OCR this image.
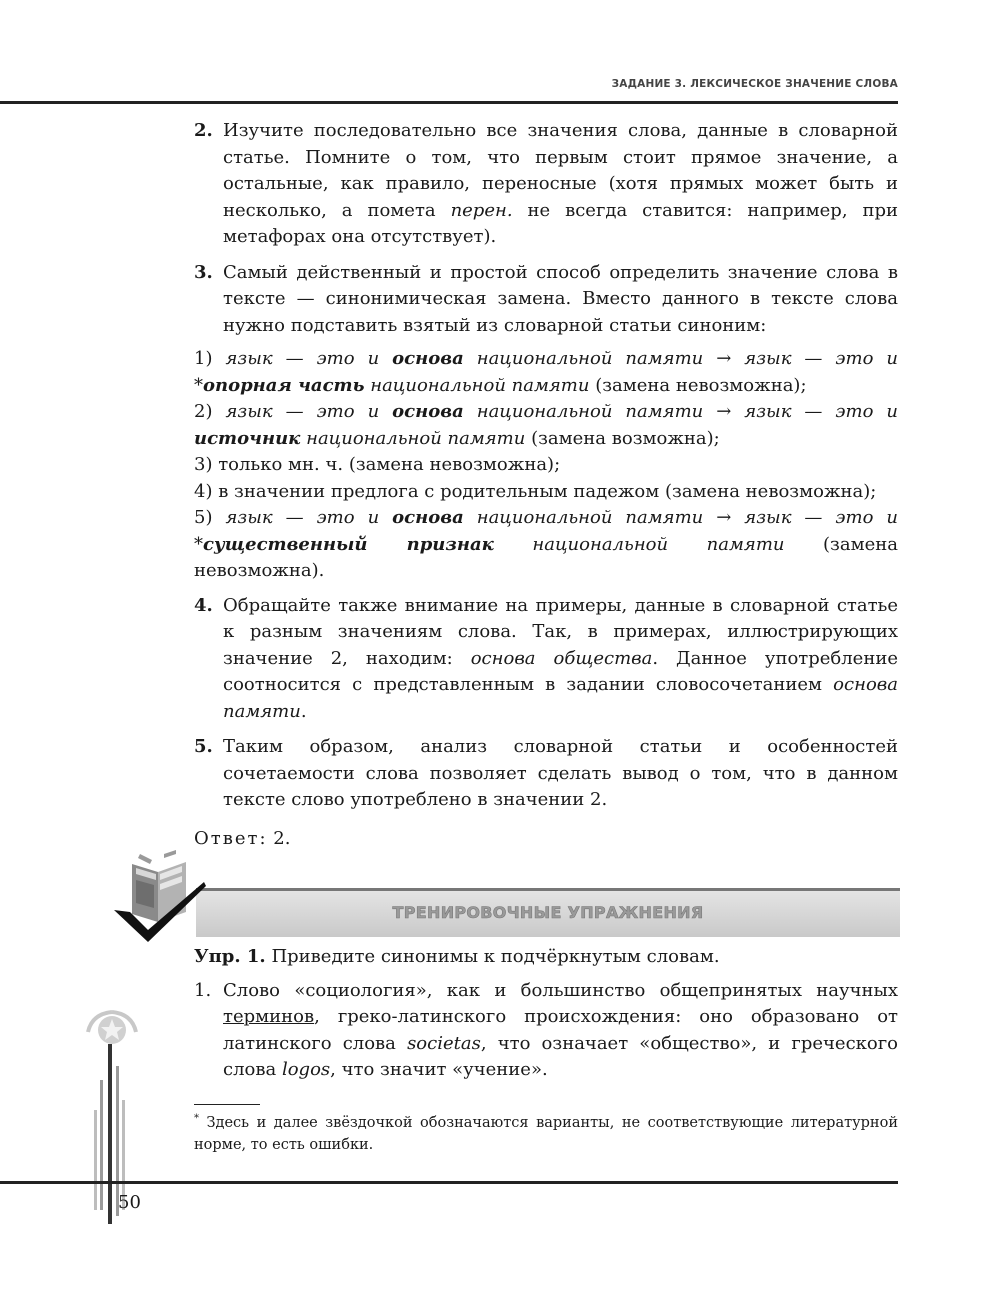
ЗАДАНИЕ 3. ЛЕКСИЧЕСКОЕ ЗНАЧЕНИЕ СЛОВА
2. Изучите последовательно все значения слова, данные в словарной статье. Помните о том, что первым стоит прямое значение, а остальные, как правило, переносные (хотя прямых может быть и несколько, а помета перен. не всегда ставится: например, при метафорах она отсутствует).
3. Самый действенный и простой способ определить значение слова в тексте — синонимическая замена. Вместо данного в тексте слова нужно подставить взятый из словарной статьи синоним:

1) язык — это и основа национальной памяти → язык — это и *опорная часть национальной памяти (замена невозможна);

2) язык — это и основа национальной памяти → язык — это и источник национальной памяти (замена возможна);

3) только мн. ч. (замена невозможна);

4) в значении предлога с родительным падежом (замена невозможна);

5) язык — это и основа национальной памяти → язык — это и *существенный признак национальной памяти (замена невозможна).

4. Обращайте также внимание на примеры, данные в словарной статье к разным значениям слова. Так, в примерах, иллюстрирующих значение 2, находим: основа общества. Данное употребление соотносится с представленным в задании словосочетанием основа памяти.
5. Таким образом, анализ словарной статьи и особенностей сочетаемости слова позволяет сделать вывод о том, что в данном тексте слово употреблено в значении 2.
Ответ: 2.
ТРЕНИРОВОЧНЫЕ УПРАЖНЕНИЯ
Упр. 1. Приведите синонимы к подчёркнутым словам.
1. Слово «социология», как и большинство общепринятых научных терминов, греко-латинского происхождения: оно образовано от латинского слова societas, что означает «общество», и греческого слова logos, что значит «учение».
* Здесь и далее звёздочкой обозначаются варианты, не соответствующие литературной норме, то есть ошибки.
50
